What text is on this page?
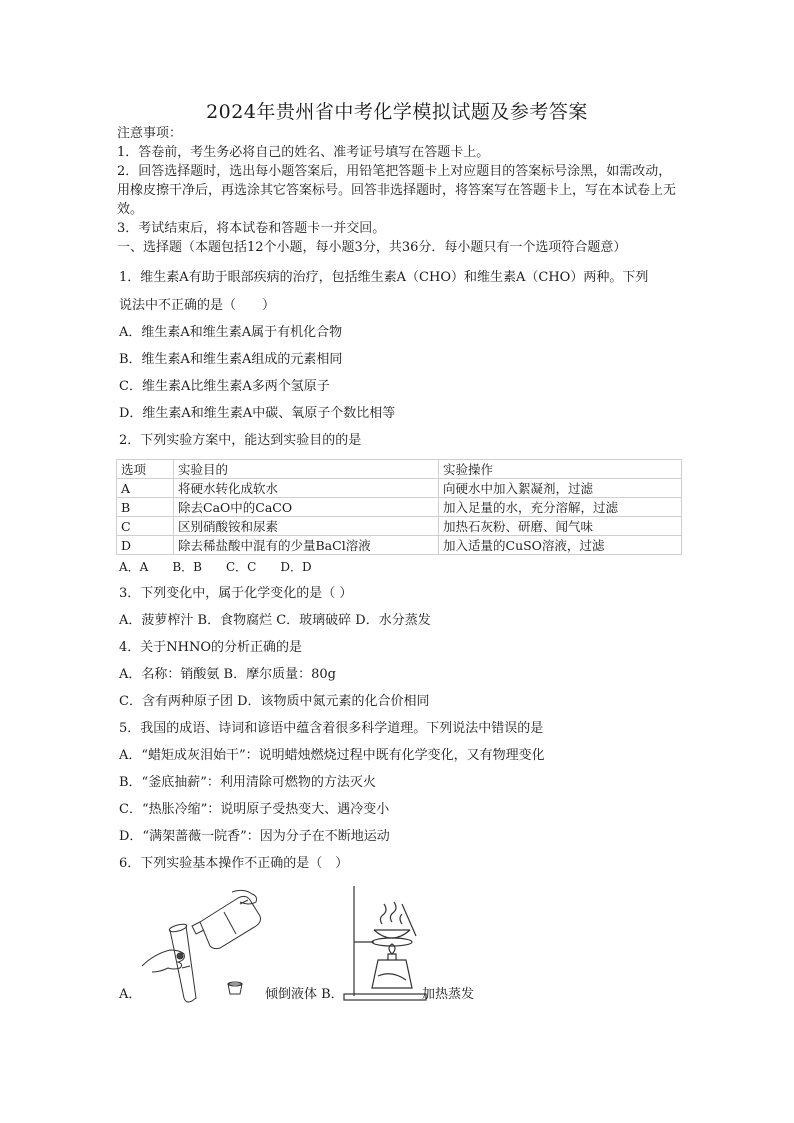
2024年贵州省中考化学模拟试题及参考答案

注意事项：

1．答卷前，考生务必将自己的姓名、准考证号填写在答题卡上。

2．回答选择题时，选出每小题答案后，用铅笔把答题卡上对应题目的答案标号涂黑，如需改动，用橡皮擦干净后，再选涂其它答案标号。回答非选择题时，将答案写在答题卡上，写在本试卷上无效。

3．考试结束后，将本试卷和答题卡一并交回。

一、选择题（本题包括12个小题，每小题3分，共36分．每小题只有一个选项符合题意）

1．维生素A有助于眼部疾病的治疗，包括维生素A（CHO）和维生素A（CHO）两种。下列

说法中不正确的是（　　）

A．维生素A和维生素A属于有机化合物

B．维生素A和维生素A组成的元素相同

C．维生素A比维生素A多两个氢原子

D．维生素A和维生素A中碳、氧原子个数比相等

2．下列实验方案中，能达到实验目的的是

选项	实验目的	实验操作
A	将硬水转化成软水	向硬水中加入絮凝剂，过滤
B	除去CaO中的CaCO	加入足量的水，充分溶解，过滤
C	区别硝酸铵和尿素	加热石灰粉、研磨、闻气味
D	除去稀盐酸中混有的少量BaCl溶液	加入适量的CuSO溶液，过滤

A．A　　B．B　　C．C　　D．D

3．下列变化中，属于化学变化的是（ ）

A．菠萝榨汁 B．食物腐烂 C．玻璃破碎 D．水分蒸发

4．关于NHNO的分析正确的是

A．名称：销酸氨 B．摩尔质量：80g

C．含有两种原子团 D．该物质中氮元素的化合价相同

5．我国的成语、诗词和谚语中蕴含着很多科学道理。下列说法中错误的是

A．“蜡矩成灰泪始干”：说明蜡烛燃烧过程中既有化学变化，又有物理变化

B．“釜底抽薪”：利用清除可燃物的方法灭火

C．“热胀冷缩”：说明原子受热变大、遇冷变小

D．“满架蔷薇一院香”：因为分子在不断地运动

6．下列实验基本操作不正确的是（　）

A．	倾倒液体 B．	加热蒸发
